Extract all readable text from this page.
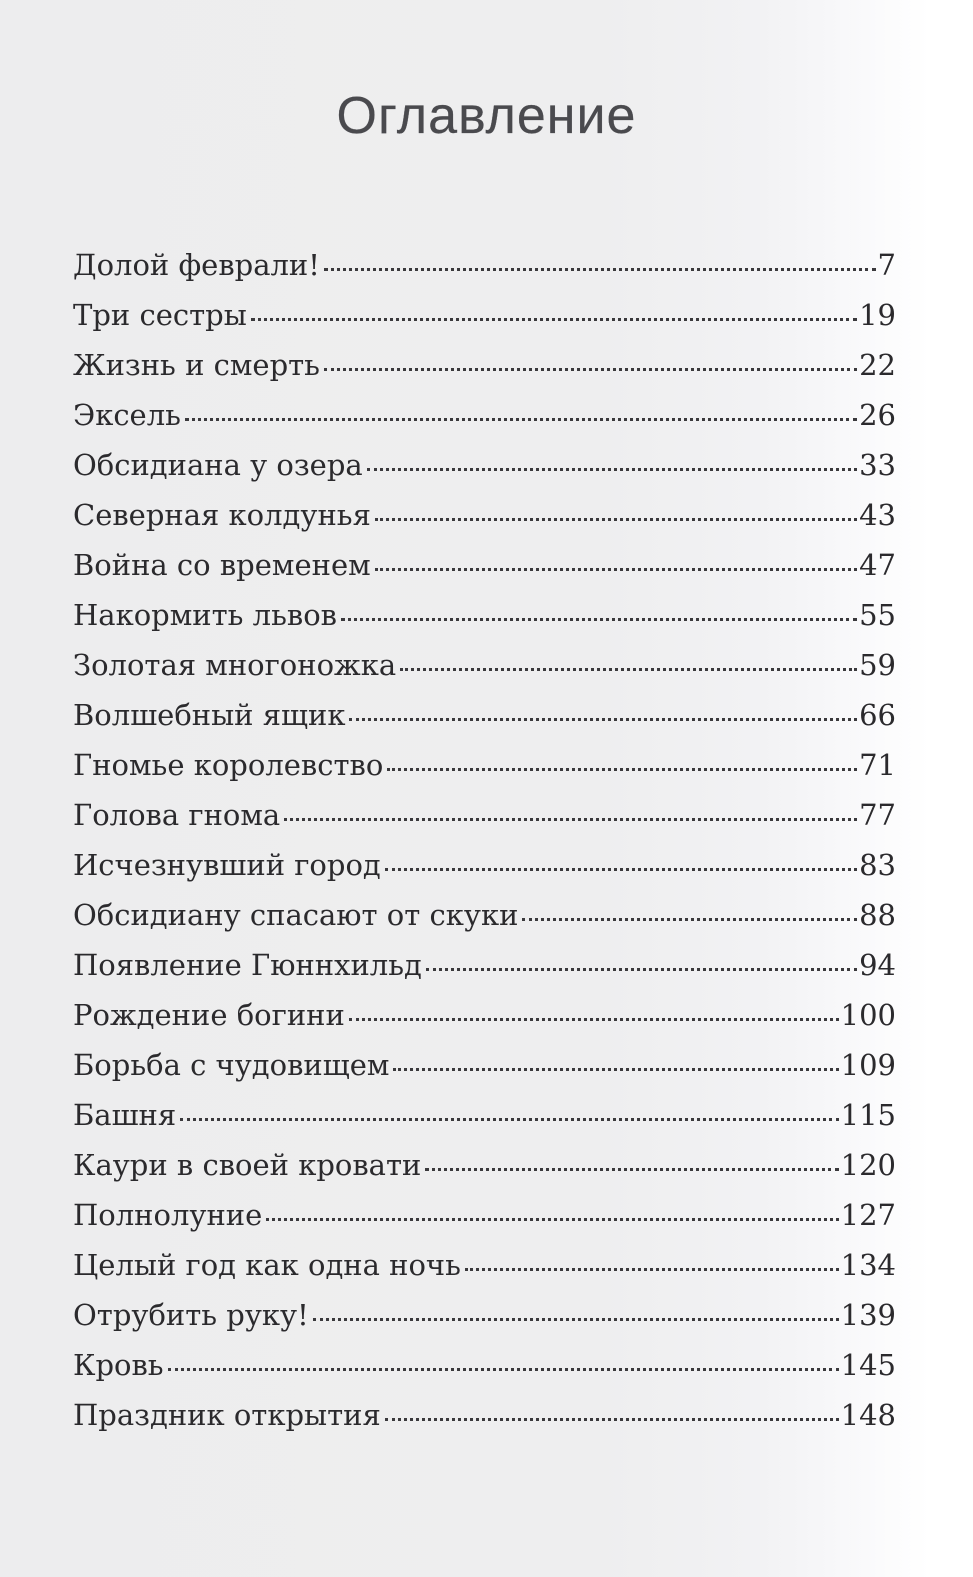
Оглавление
Долой феврали!	7
Три сестры	19
Жизнь и смерть	22
Эксель	26
Обсидиана у озера	33
Северная колдунья	43
Война со временем	47
Накормить львов	55
Золотая многоножка	59
Волшебный ящик	66
Гномье королевство	71
Голова гнома	77
Исчезнувший город	83
Обсидиану спасают от скуки	88
Появление Гюннхильд	94
Рождение богини	100
Борьба с чудовищем	109
Башня	115
Каури в своей кровати	120
Полнолуние	127
Целый год как одна ночь	134
Отрубить руку!	139
Кровь	145
Праздник открытия	148
